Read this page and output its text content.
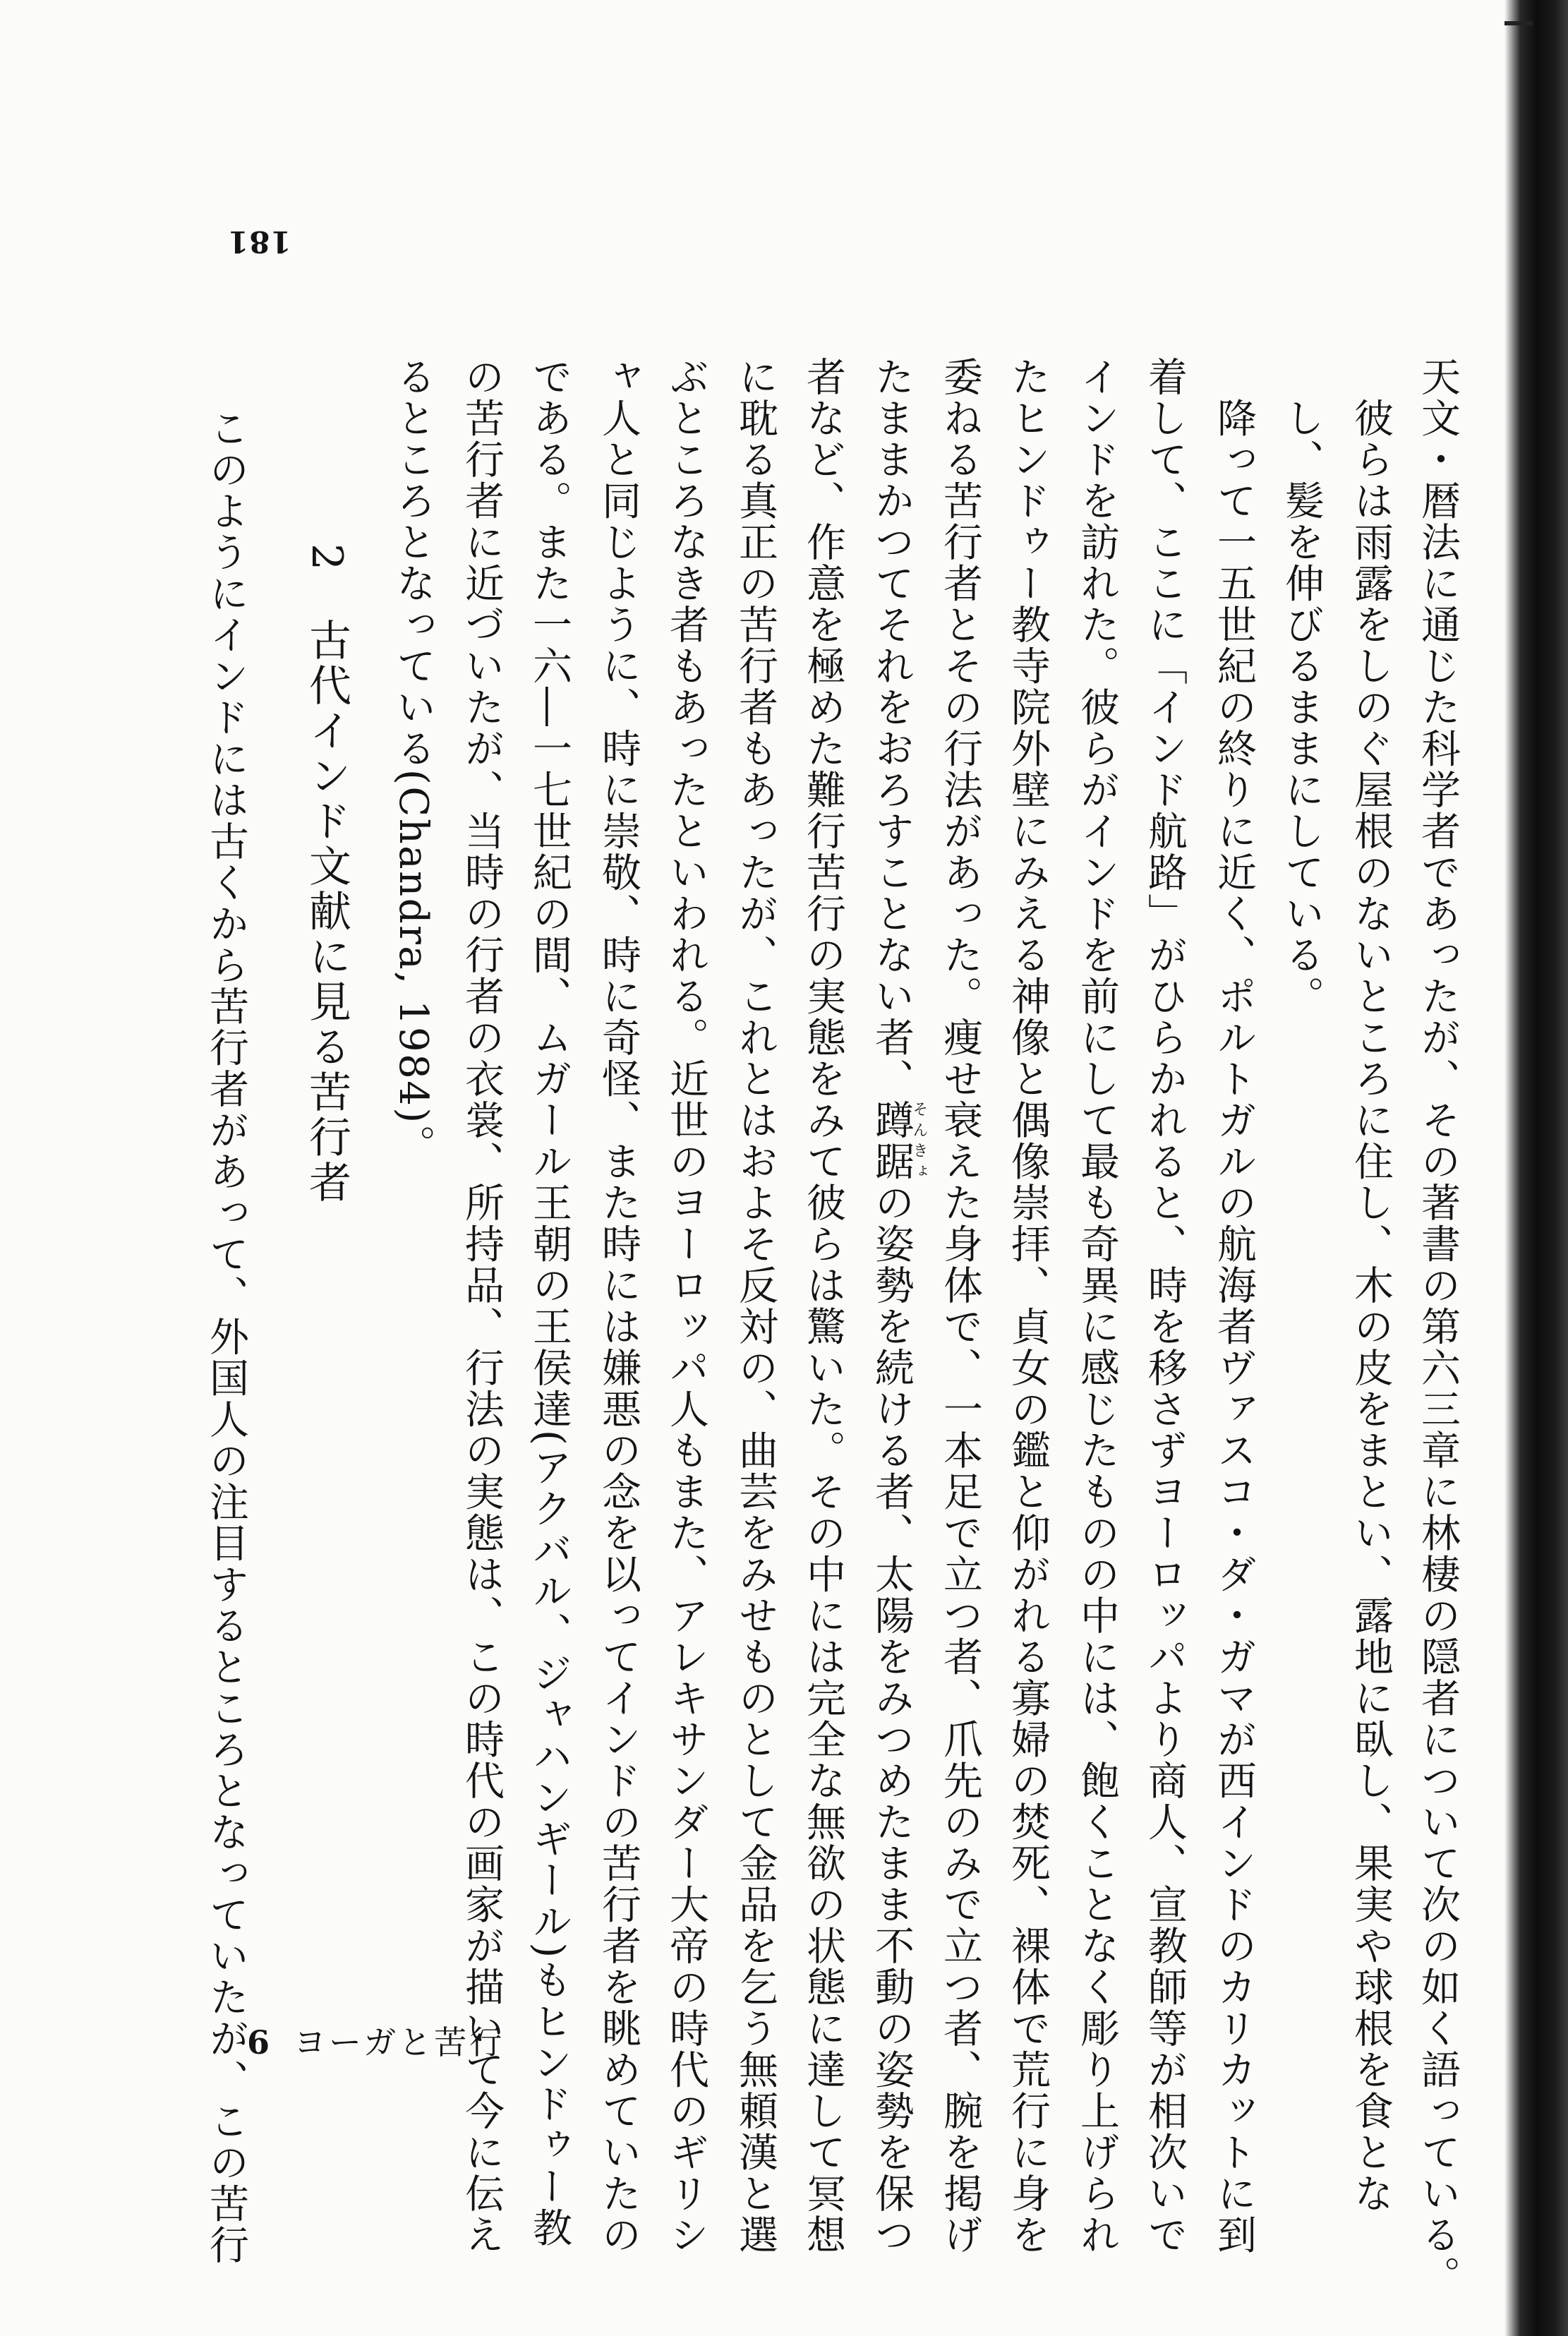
181
天文・暦法に通じた科学者であったが、その著書の第六三章に林棲の隠者について次の如く語っている。
　彼らは雨露をしのぐ屋根のないところに住し、木の皮をまとい、露地に臥し、果実や球根を食とな
　し、髪を伸びるままにしている。
　降って一五世紀の終りに近く、ポルトガルの航海者ヴァスコ・ダ・ガマが西インドのカリカットに到
着して、ここに「インド航路」がひらかれると、時を移さずヨーロッパより商人、宣教師等が相次いで
インドを訪れた。彼らがインドを前にして最も奇異に感じたものの中には、飽くことなく彫り上げられ
たヒンドゥー教寺院外壁にみえる神像と偶像崇拝、貞女の鑑と仰がれる寡婦の焚死、裸体で荒行に身を
委ねる苦行者とその行法があった。痩せ衰えた身体で、一本足で立つ者、爪先のみで立つ者、腕を掲げ
たままかつてそれをおろすことない者、蹲踞そんきょの姿勢を続ける者、太陽をみつめたまま不動の姿勢を保つ
者など、作意を極めた難行苦行の実態をみて彼らは驚いた。その中には完全な無欲の状態に達して冥想
に耽る真正の苦行者もあったが、これとはおよそ反対の、曲芸をみせものとして金品を乞う無頼漢と選
ぶところなき者もあったといわれる。近世のヨーロッパ人もまた、アレキサンダー大帝の時代のギリシ
ャ人と同じように、時に崇敬、時に奇怪、また時には嫌悪の念を以ってインドの苦行者を眺めていたの
である。また一六―一七世紀の間、ムガール王朝の王侯達(アクバル、ジャハンギール)もヒンドゥー教
の苦行者に近づいたが、当時の行者の衣裳、所持品、行法の実態は、この時代の画家が描いて今に伝え
るところとなっている(Chandra, 1984)。
2古代インド文献に見る苦行者
このようにインドには古くから苦行者があって、外国人の注目するところとなっていたが、この苦行
6 ヨーガと苦行
